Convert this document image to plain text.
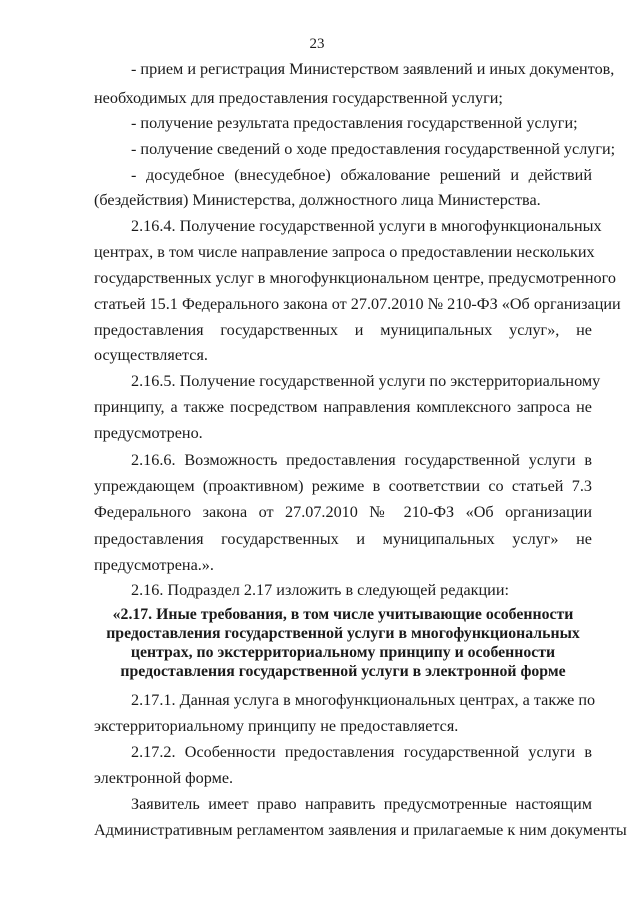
23
- прием и регистрация Министерством заявлений и иных документов,
необходимых для предоставления государственной услуги;
- получение результата предоставления государственной услуги;
- получение сведений о ходе предоставления государственной услуги;
- досудебное (внесудебное) обжалование решений и действий
(бездействия) Министерства, должностного лица Министерства.
2.16.4. Получение государственной услуги в многофункциональных
центрах, в том числе направление запроса о предоставлении нескольких
государственных услуг в многофункциональном центре, предусмотренного
статьей 15.1 Федерального закона от 27.07.2010 № 210-ФЗ «Об организации
предоставления государственных и муниципальных услуг», не
осуществляется.
2.16.5. Получение государственной услуги по экстерриториальному
принципу, а также посредством направления комплексного запроса не
предусмотрено.
2.16.6. Возможность предоставления государственной услуги в
упреждающем (проактивном) режиме в соответствии со статьей 7.3
Федерального закона от 27.07.2010 № 210-ФЗ «Об организации
предоставления государственных и муниципальных услуг» не
предусмотрена.».
2.16. Подраздел 2.17 изложить в следующей редакции:
«2.17. Иные требования, в том числе учитывающие особенности
предоставления государственной услуги в многофункциональных
центрах, по экстерриториальному принципу и особенности
предоставления государственной услуги в электронной форме
2.17.1. Данная услуга в многофункциональных центрах, а также по
экстерриториальному принципу не предоставляется.
2.17.2. Особенности предоставления государственной услуги в
электронной форме.
Заявитель имеет право направить предусмотренные настоящим
Административным регламентом заявления и прилагаемые к ним документы
